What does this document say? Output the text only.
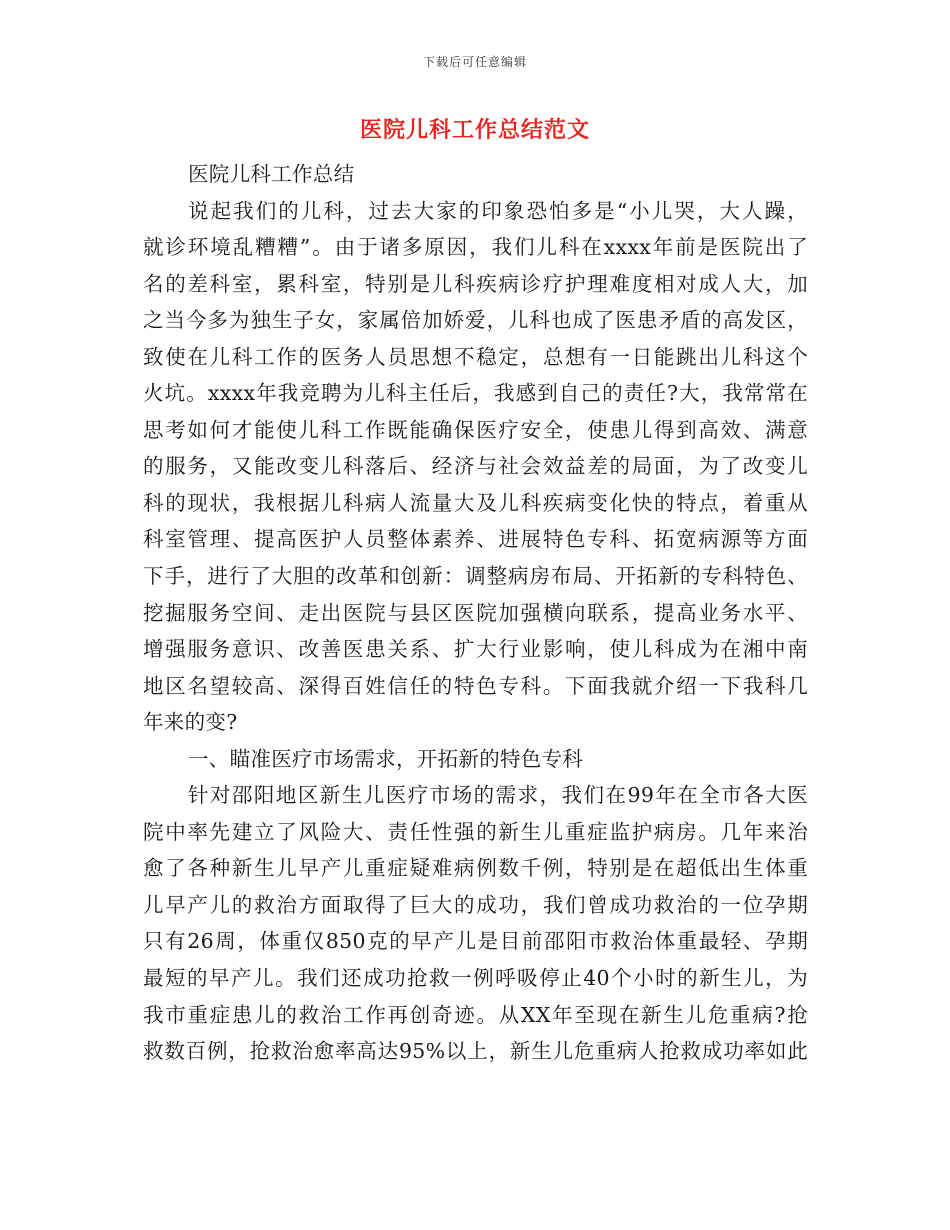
下载后可任意编辑
医院儿科工作总结范文
医院儿科工作总结
说起我们的儿科，过去大家的印象恐怕多是“小儿哭，大人躁，
就诊环境乱糟糟”。由于诸多原因，我们儿科在xxxx年前是医院出了
名的差科室，累科室，特别是儿科疾病诊疗护理难度相对成人大，加
之当今多为独生子女，家属倍加娇爱，儿科也成了医患矛盾的高发区，
致使在儿科工作的医务人员思想不稳定，总想有一日能跳出儿科这个
火坑。xxxx年我竞聘为儿科主任后，我感到自己的责任?大，我常常在
思考如何才能使儿科工作既能确保医疗安全，使患儿得到高效、满意
的服务，又能改变儿科落后、经济与社会效益差的局面，为了改变儿
科的现状，我根据儿科病人流量大及儿科疾病变化快的特点，着重从
科室管理、提高医护人员整体素养、进展特色专科、拓宽病源等方面
下手，进行了大胆的改革和创新：调整病房布局、开拓新的专科特色、
挖掘服务空间、走出医院与县区医院加强横向联系，提高业务水平、
增强服务意识、改善医患关系、扩大行业影响，使儿科成为在湘中南
地区名望较高、深得百姓信任的特色专科。下面我就介绍一下我科几
年来的变?
一、瞄准医疗市场需求，开拓新的特色专科
针对邵阳地区新生儿医疗市场的需求，我们在99年在全市各大医
院中率先建立了风险大、责任性强的新生儿重症监护病房。几年来治
愈了各种新生儿早产儿重症疑难病例数千例，特别是在超低出生体重
儿早产儿的救治方面取得了巨大的成功，我们曾成功救治的一位孕期
只有26周，体重仅850克的早产儿是目前邵阳市救治体重最轻、孕期
最短的早产儿。我们还成功抢救一例呼吸停止40个小时的新生儿，为
我市重症患儿的救治工作再创奇迹。从XX年至现在新生儿危重病?抢
救数百例，抢救治愈率高达95%以上，新生儿危重病人抢救成功率如此
